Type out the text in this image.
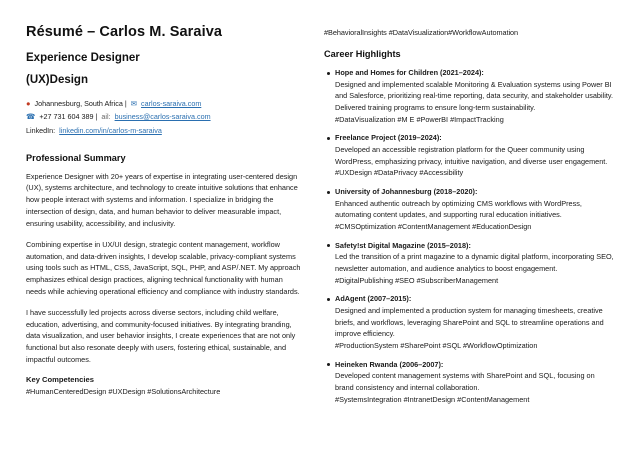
Résumé – Carlos M. Saraiva
Experience Designer
(UX)Design
● Johannesburg, South Africa | ✉ carlos-saraiva.com
☎ +27 731 604 389 | ail: business@carlos-saraiva.com
LinkedIn: linkedin.com/in/carlos-m-saraiva
Professional Summary

Experience Designer with 20+ years of expertise in integrating user-centered design (UX), systems architecture, and technology to create intuitive solutions that enhance how people interact with systems and information. I specialize in bridging the intersection of design, data, and human behavior to deliver measurable impact, ensuring usability, accessibility, and inclusivity.

Combining expertise in UX/UI design, strategic content management, workflow automation, and data-driven insights, I develop scalable, privacy-compliant systems using tools such as HTML, CSS, JavaScript, SQL, PHP, and ASP/.NET. My approach emphasizes ethical design practices, aligning technical functionality with human needs while achieving operational efficiency and compliance with industry standards.

I have successfully led projects across diverse sectors, including child welfare, education, advertising, and community-focused initiatives. By integrating branding, data visualization, and user behavior insights, I create experiences that are not only functional but also resonate deeply with users, fostering ethical, sustainable, and impactful outcomes.

Key Competencies
#HumanCenteredDesign #UXDesign #SolutionsArchitecture
#BehavioralInsights #DataVisualization#WorkflowAutomation
Career Highlights
Hope and Homes for Children (2021–2024):
Designed and implemented scalable Monitoring & Evaluation systems using Power BI and Salesforce, prioritizing real-time reporting, data security, and stakeholder usability. Delivered training programs to ensure long-term sustainability.
#DataVisualization #M E #PowerBI #ImpactTracking
Freelance Project (2019–2024):
Developed an accessible registration platform for the Queer community using WordPress, emphasizing privacy, intuitive navigation, and diverse user engagement.
#UXDesign #DataPrivacy #Accessibility
University of Johannesburg (2018–2020):
Enhanced authentic outreach by optimizing CMS workflows with WordPress, automating content updates, and supporting rural education initiatives.
#CMSOptimization #ContentManagement #EducationDesign
Safety!st Digital Magazine (2015–2018):
Led the transition of a print magazine to a dynamic digital platform, incorporating SEO, newsletter automation, and audience analytics to boost engagement.
#DigitalPublishing #SEO #SubscriberManagement
AdAgent (2007–2015):
Designed and implemented a production system for managing timesheets, creative briefs, and workflows, leveraging SharePoint and SQL to streamline operations and improve efficiency.
#ProductionSystem #SharePoint #SQL #WorkflowOptimization
Heineken Rwanda (2006–2007):
Developed content management systems with SharePoint and SQL, focusing on brand consistency and internal collaboration.
#SystemsIntegration #IntranetDesign #ContentManagement
